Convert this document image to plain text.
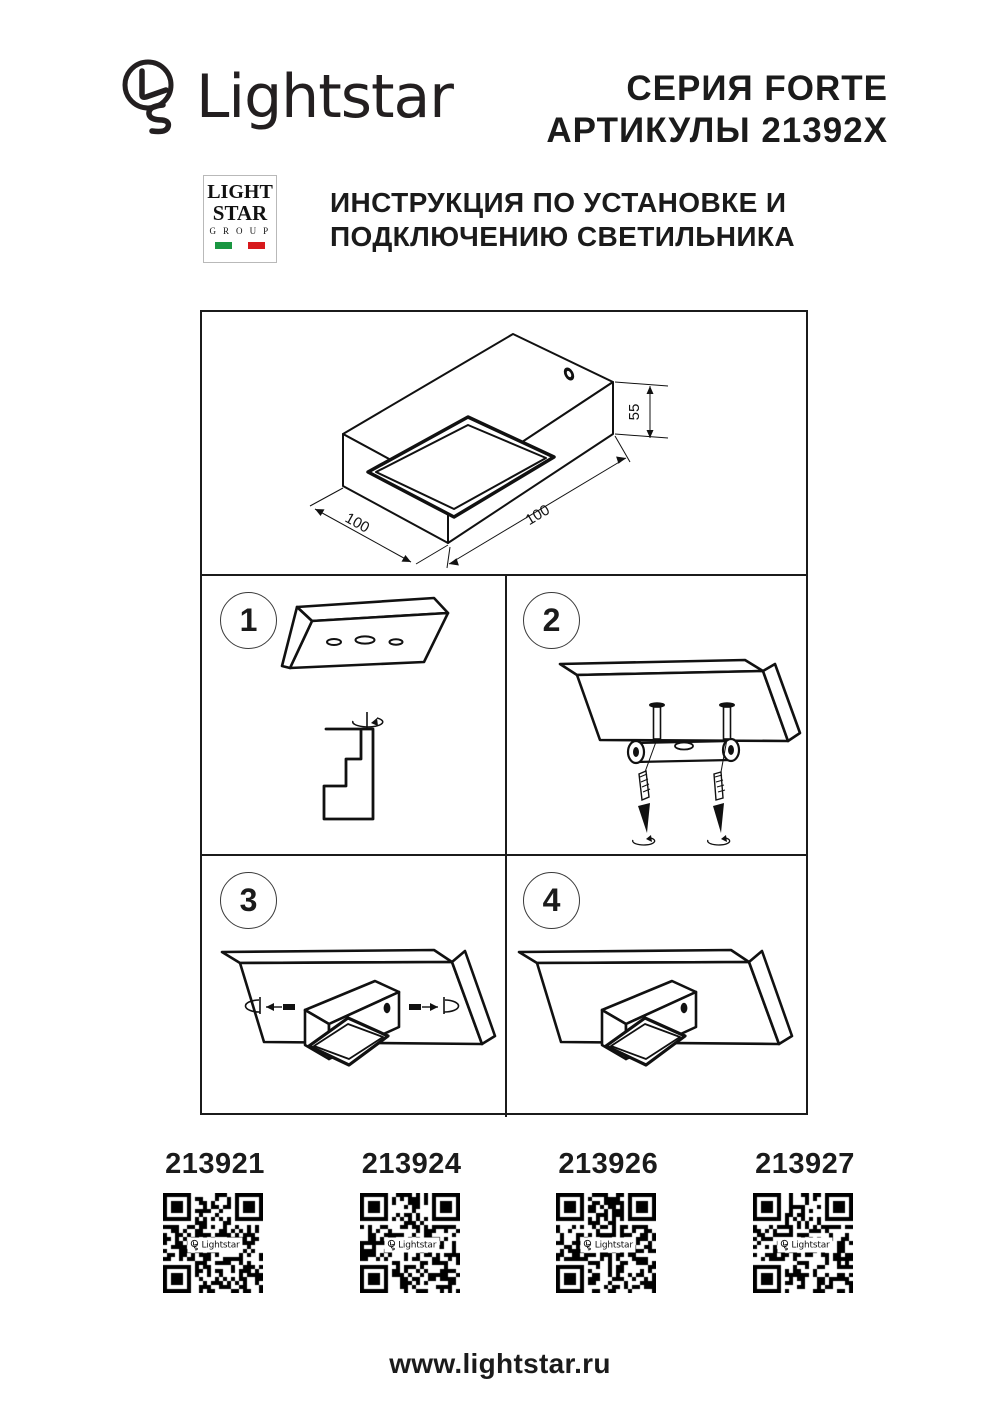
Lightstar	СЕРИЯ FORTE
АРТИКУЛЫ 21392X
LIGHT
STAR
G R O U P
ИНСТРУКЦИЯ ПО УСТАНОВКЕ И
ПОДКЛЮЧЕНИЮ СВЕТИЛЬНИКА
55
100	100
1	2
3	4
213921
Lightstar
213924
Lightstar
213926
Lightstar
213927
Lightstar
www.lightstar.ru
